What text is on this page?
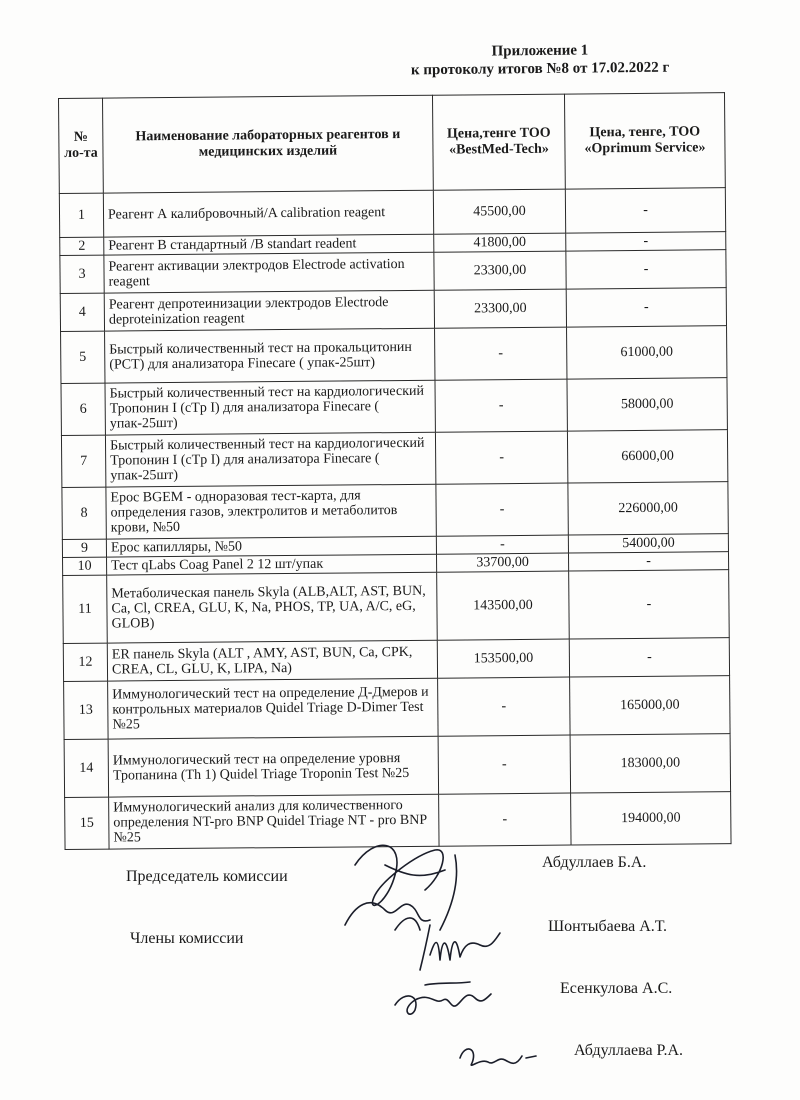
Приложение 1
к протоколу итогов №8 от 17.02.2022 г
№ ло-та	Наименование лабораторных реагентов и медицинских изделий	Цена,тенге ТОО «BestMed-Tech»	Цена, тенге, ТОО «Oprimum Service»
1	Реагент А калибровочный/A calibration reagent	45500,00	-
2	Реагент В стандартный /B standart readent	41800,00	-
3	Реагент активации электродов Electrode activation reagent	23300,00	-
4	Реагент депротеинизации электродов Electrode deproteinization reagent	23300,00	-
5	Быстрый количественный тест на прокальцитонин (PCT) для анализатора Finecare ( упак-25шт)	-	61000,00
6	Быстрый количественный тест на кардиологический Тропонин I (cTp I) для анализатора Finecare ( упак-25шт)	-	58000,00
7	Быстрый количественный тест на кардиологический Тропонин I (cTp I) для анализатора Finecare ( упак-25шт)	-	66000,00
8	Epoc BGEM - одноразовая тест-карта, для определения газов, электролитов и метаболитов крови, №50	-	226000,00
9	Epoc капилляры, №50	-	54000,00
10	Тест qLabs Coag Panel 2 12 шт/упак	33700,00	-
11	Метаболическая панель Skyla (ALB,ALT, AST, BUN, Ca, Cl, CREA, GLU, K, Na, PHOS, TP, UA, A/C, eG, GLOB)	143500,00	-
12	ER панель Skyla (ALT , AMY, AST, BUN, Ca, CPK, CREA, CL, GLU, K, LIPA, Na)	153500,00	-
13	Иммунологический тест на определение Д-Дмеров и контрольных материалов Quidel Triage D-Dimer Test №25	-	165000,00
14	Иммунологический тест на определение уровня Тропанина (Th 1) Quidel Triage Troponin Test №25	-	183000,00
15	Иммунологический анализ для количественного определения NT-pro BNP Quidel Triage NT - pro BNP №25	-	194000,00
Председатель комиссии
Члены комиссии
Абдуллаев Б.А.
Шонтыбаева А.Т.
Есенкулова А.С.
Абдуллаева Р.А.
